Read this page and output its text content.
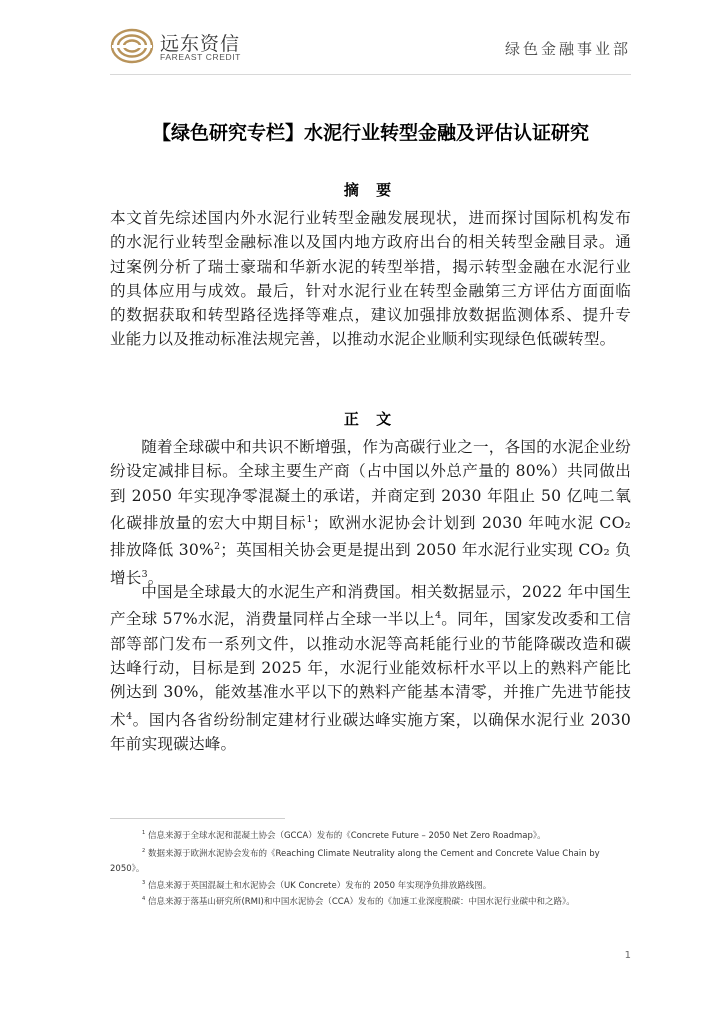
远东资信
FAREAST CREDIT	绿色金融事业部
【绿色研究专栏】水泥行业转型金融及评估认证研究
摘 要

本文首先综述国内外水泥行业转型金融发展现状，进而探讨国际机构发布的水泥行业转型金融标准以及国内地方政府出台的相关转型金融目录。通过案例分析了瑞士豪瑞和华新水泥的转型举措，揭示转型金融在水泥行业的具体应用与成效。最后，针对水泥行业在转型金融第三方评估方面面临的数据获取和转型路径选择等难点，建议加强排放数据监测体系、提升专业能力以及推动标准法规完善，以推动水泥企业顺利实现绿色低碳转型。

正 文

随着全球碳中和共识不断增强，作为高碳行业之一，各国的水泥企业纷纷设定减排目标。全球主要生产商（占中国以外总产量的 80%）共同做出到 2050 年实现净零混凝土的承诺，并商定到 2030 年阻止 50 亿吨二氧化碳排放量的宏大中期目标$^1$；欧洲水泥协会计划到 2030 年吨水泥 CO₂ 排放降低 30%$^2$；英国相关协会更是提出到 2050 年水泥行业实现 CO₂ 负增长$^3$。

中国是全球最大的水泥生产和消费国。相关数据显示，2022 年中国生产全球 57%水泥，消费量同样占全球一半以上$^4$。同年，国家发改委和工信部等部门发布一系列文件，以推动水泥等高耗能行业的节能降碳改造和碳达峰行动，目标是到 2025 年，水泥行业能效标杆水平以上的熟料产能比例达到 30%，能效基准水平以下的熟料产能基本清零，并推广先进节能技术$^4$。国内各省纷纷制定建材行业碳达峰实施方案，以确保水泥行业 2030 年前实现碳达峰。

$^1$ 信息来源于全球水泥和混凝土协会（GCCA）发布的《Concrete Future – 2050 Net Zero Roadmap》。

$^2$ 数据来源于欧洲水泥协会发布的《Reaching Climate Neutrality along the Cement and Concrete Value Chain by 2050》。

$^3$ 信息来源于英国混凝土和水泥协会（UK Concrete）发布的 2050 年实现净负排放路线图。

$^4$ 信息来源于落基山研究所(RMI)和中国水泥协会（CCA）发布的《加速工业深度脱碳：中国水泥行业碳中和之路》。

1
